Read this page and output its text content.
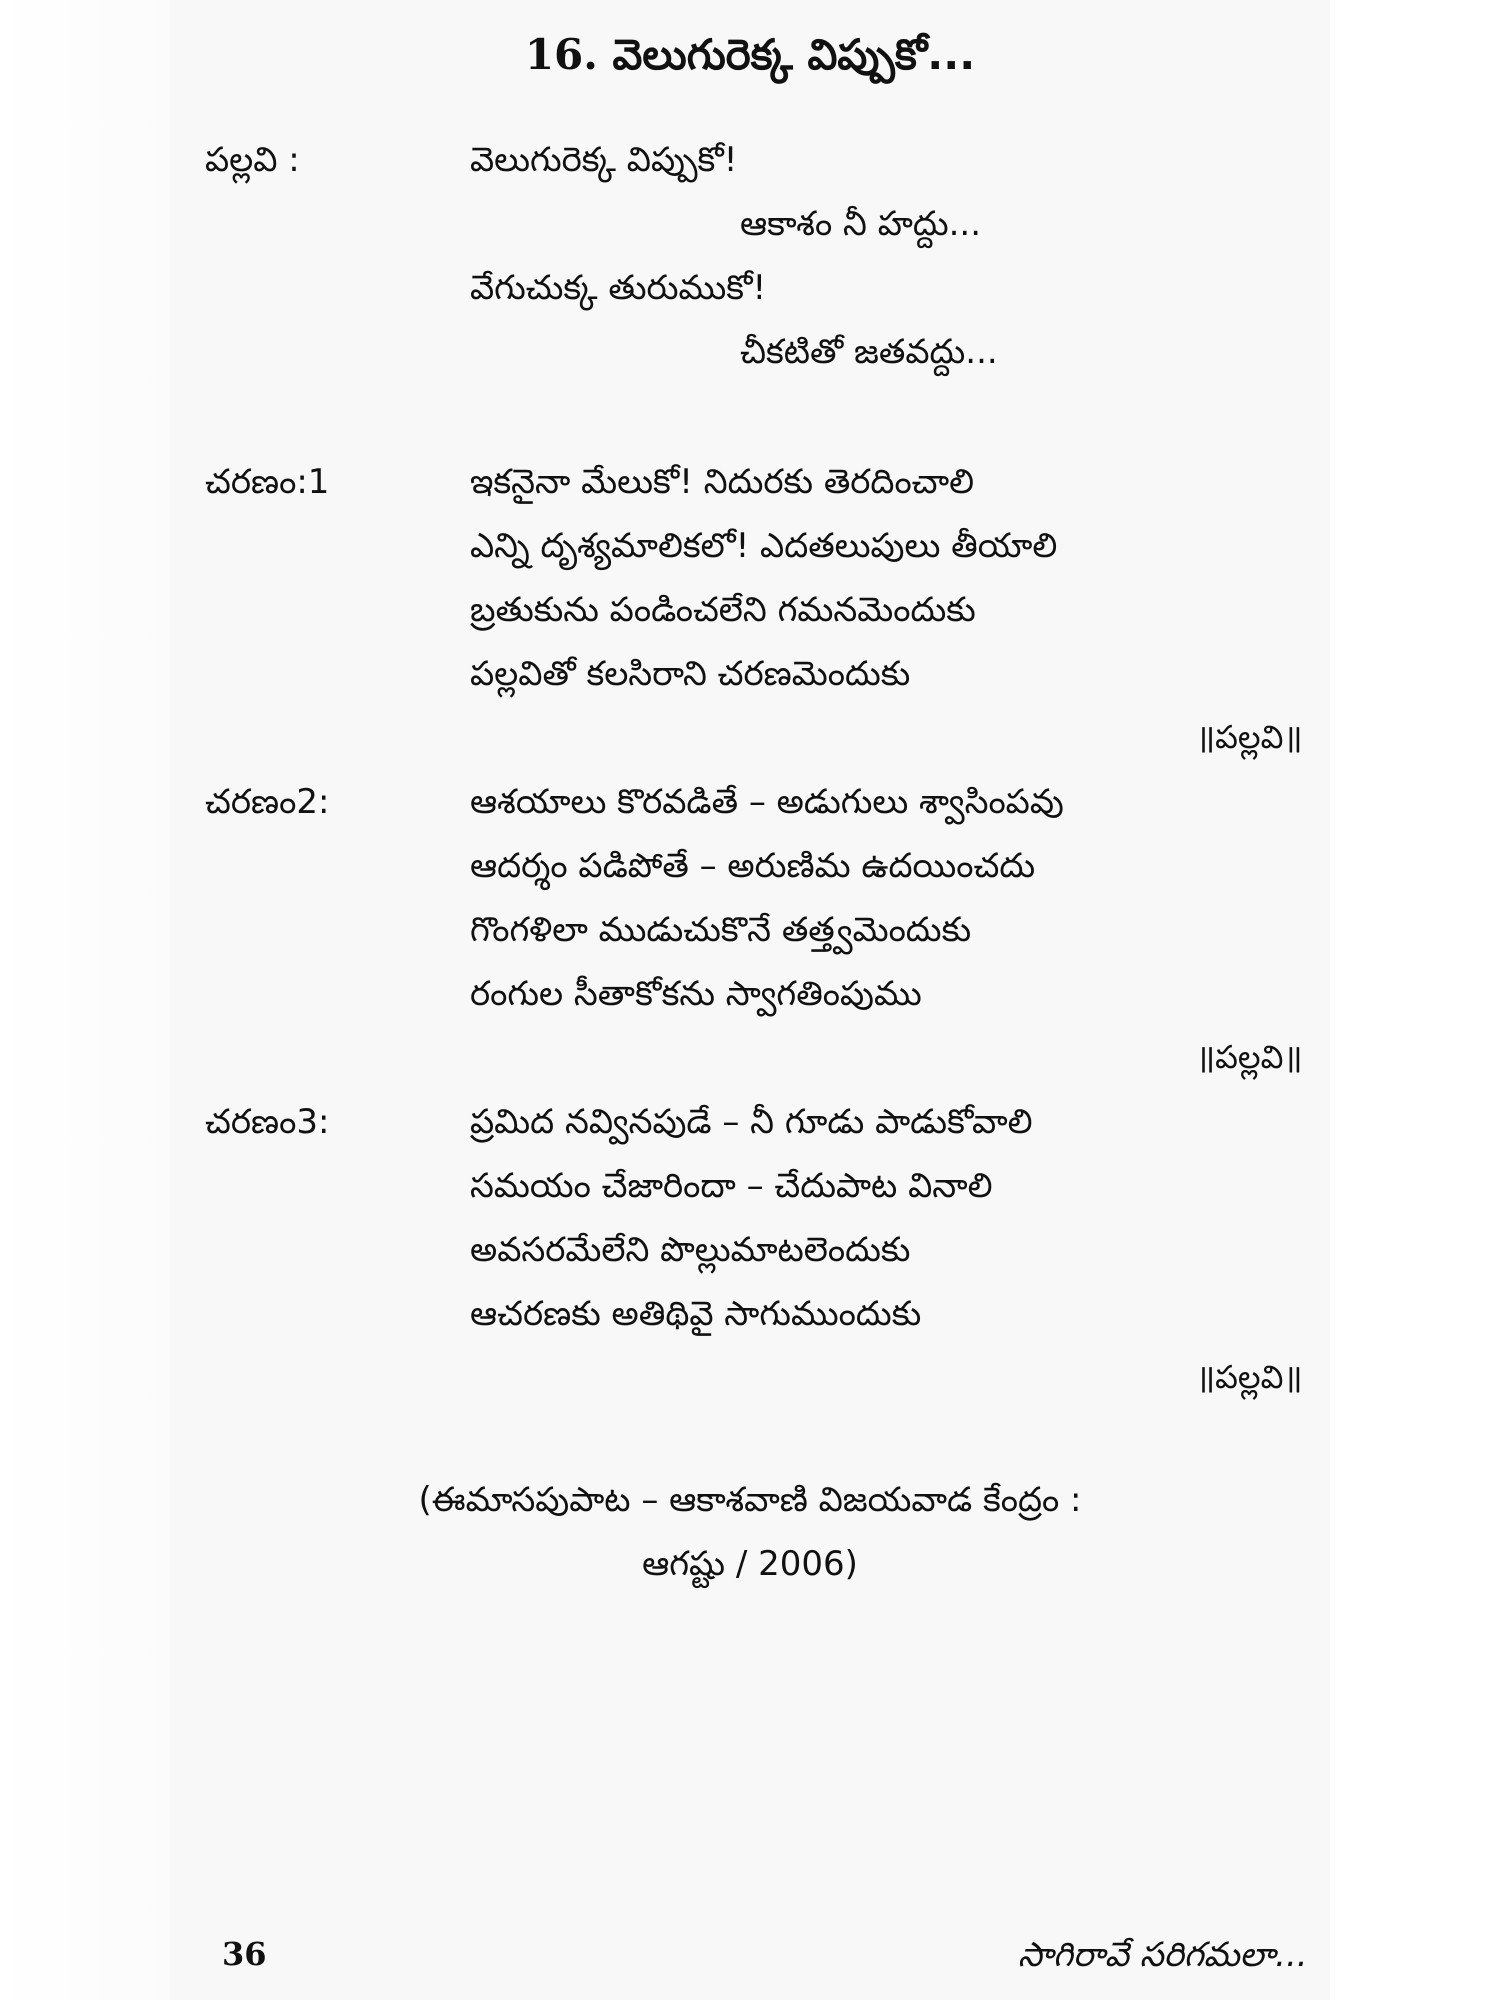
16. వెలుగురెక్క విప్పుకో...
పల్లవి :	వెలుగురెక్క విప్పుకో!
ఆకాశం నీ హద్దు...
వేగుచుక్క తురుముకో!
చీకటితో జతవద్దు...
చరణం:1	ఇకనైనా మేలుకో! నిదురకు తెరదించాలి
ఎన్ని దృశ్యమాలికలో! ఎదతలుపులు తీయాలి
బ్రతుకును పండించలేని గమనమెందుకు
పల్లవితో కలసిరాని చరణమెందుకు
॥పల్లవి॥
చరణం2:	ఆశయాలు కొరవడితే – అడుగులు శ్వాసింపవు
ఆదర్శం పడిపోతే – అరుణిమ ఉదయించదు
గొంగళిలా ముడుచుకొనే తత్త్వమెందుకు
రంగుల సీతాకోకను స్వాగతింపుము
॥పల్లవి॥
చరణం3:	ప్రమిద నవ్వినపుడే – నీ గూడు పాడుకోవాలి
సమయం చేజారిందా – చేదుపాట వినాలి
అవసరమేలేని పొల్లుమాటలెందుకు
ఆచరణకు అతిథివై సాగుముందుకు
॥పల్లవి॥
(ఈమాసపుపాట – ఆకాశవాణి విజయవాడ కేంద్రం :
ఆగష్టు / 2006)
36	సాగిరావే సరిగమలా...
